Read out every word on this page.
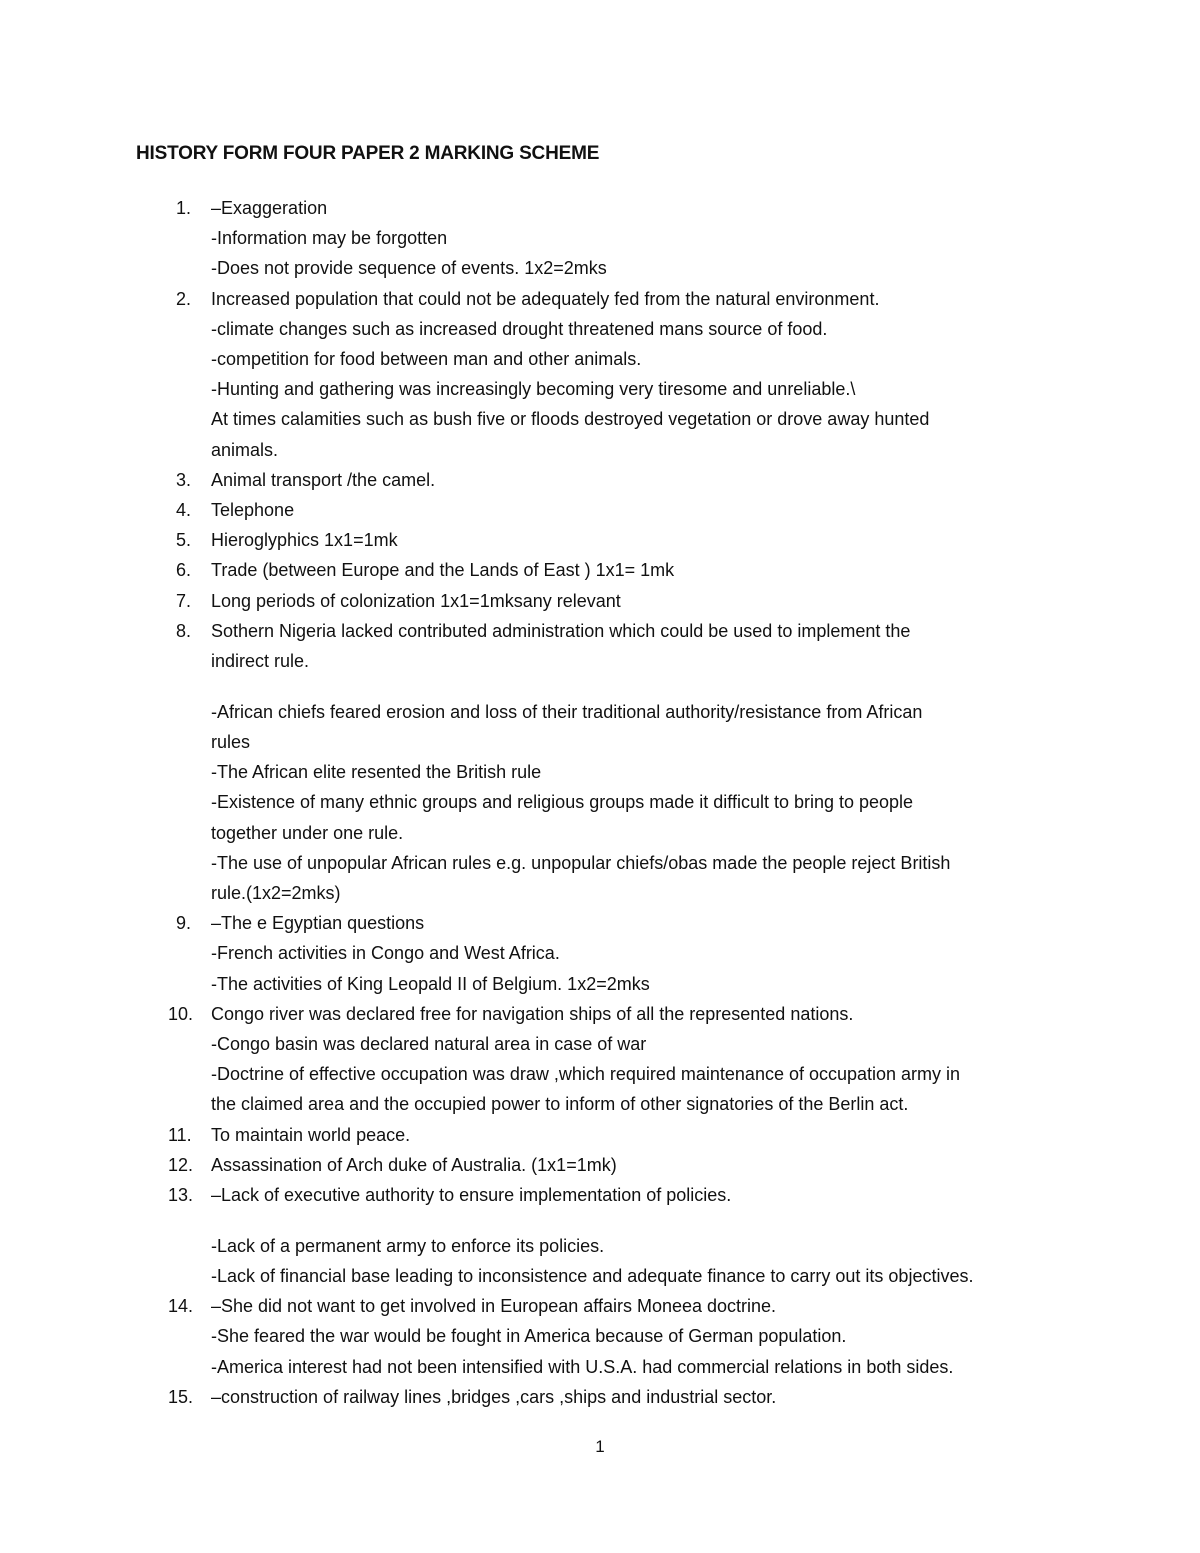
HISTORY FORM FOUR PAPER 2 MARKING SCHEME
1. –Exaggeration
-Information may be forgotten
-Does not provide sequence of events. 1x2=2mks
2. Increased population that could not be adequately fed from the natural environment.
-climate changes such as increased drought threatened mans source of food.
-competition for food between man and other animals.
-Hunting and gathering was increasingly becoming very tiresome and unreliable.\
At times calamities such as bush five or floods destroyed vegetation or drove away hunted
animals.
3. Animal transport /the camel.
4. Telephone
5. Hieroglyphics 1x1=1mk
6. Trade (between Europe and the Lands of East ) 1x1= 1mk
7. Long periods of colonization 1x1=1mksany relevant
8. Sothern Nigeria lacked contributed administration which could be used to implement the
indirect rule.
-African chiefs feared erosion and loss of their traditional authority/resistance from African
rules
-The African elite resented the British rule
-Existence of many ethnic groups and religious groups made it difficult to bring to people
together under one rule.
-The use of unpopular African rules e.g. unpopular chiefs/obas made the people reject British
rule.(1x2=2mks)
9. –The e Egyptian questions
-French activities in Congo and West Africa.
-The activities of King Leopald II of Belgium. 1x2=2mks
10. Congo river was declared free for navigation ships of all the represented nations.
-Congo basin was declared natural area in case of war
-Doctrine of effective occupation was draw ,which required maintenance of occupation army in
the claimed area and the occupied power to inform of other signatories of the Berlin act.
11. To maintain world peace.
12. Assassination of Arch duke of Australia. (1x1=1mk)
13. –Lack of executive authority to ensure implementation of policies.
-Lack of a permanent army to enforce its policies.
-Lack of financial base leading to inconsistence and adequate finance to carry out its objectives.
14. –She did not want to get involved in European affairs Moneea doctrine.
-She feared the war would be fought in America because of German population.
-America interest had not been intensified with U.S.A. had commercial relations in both sides.
15. –construction of railway lines ,bridges ,cars ,ships and industrial sector.
1
